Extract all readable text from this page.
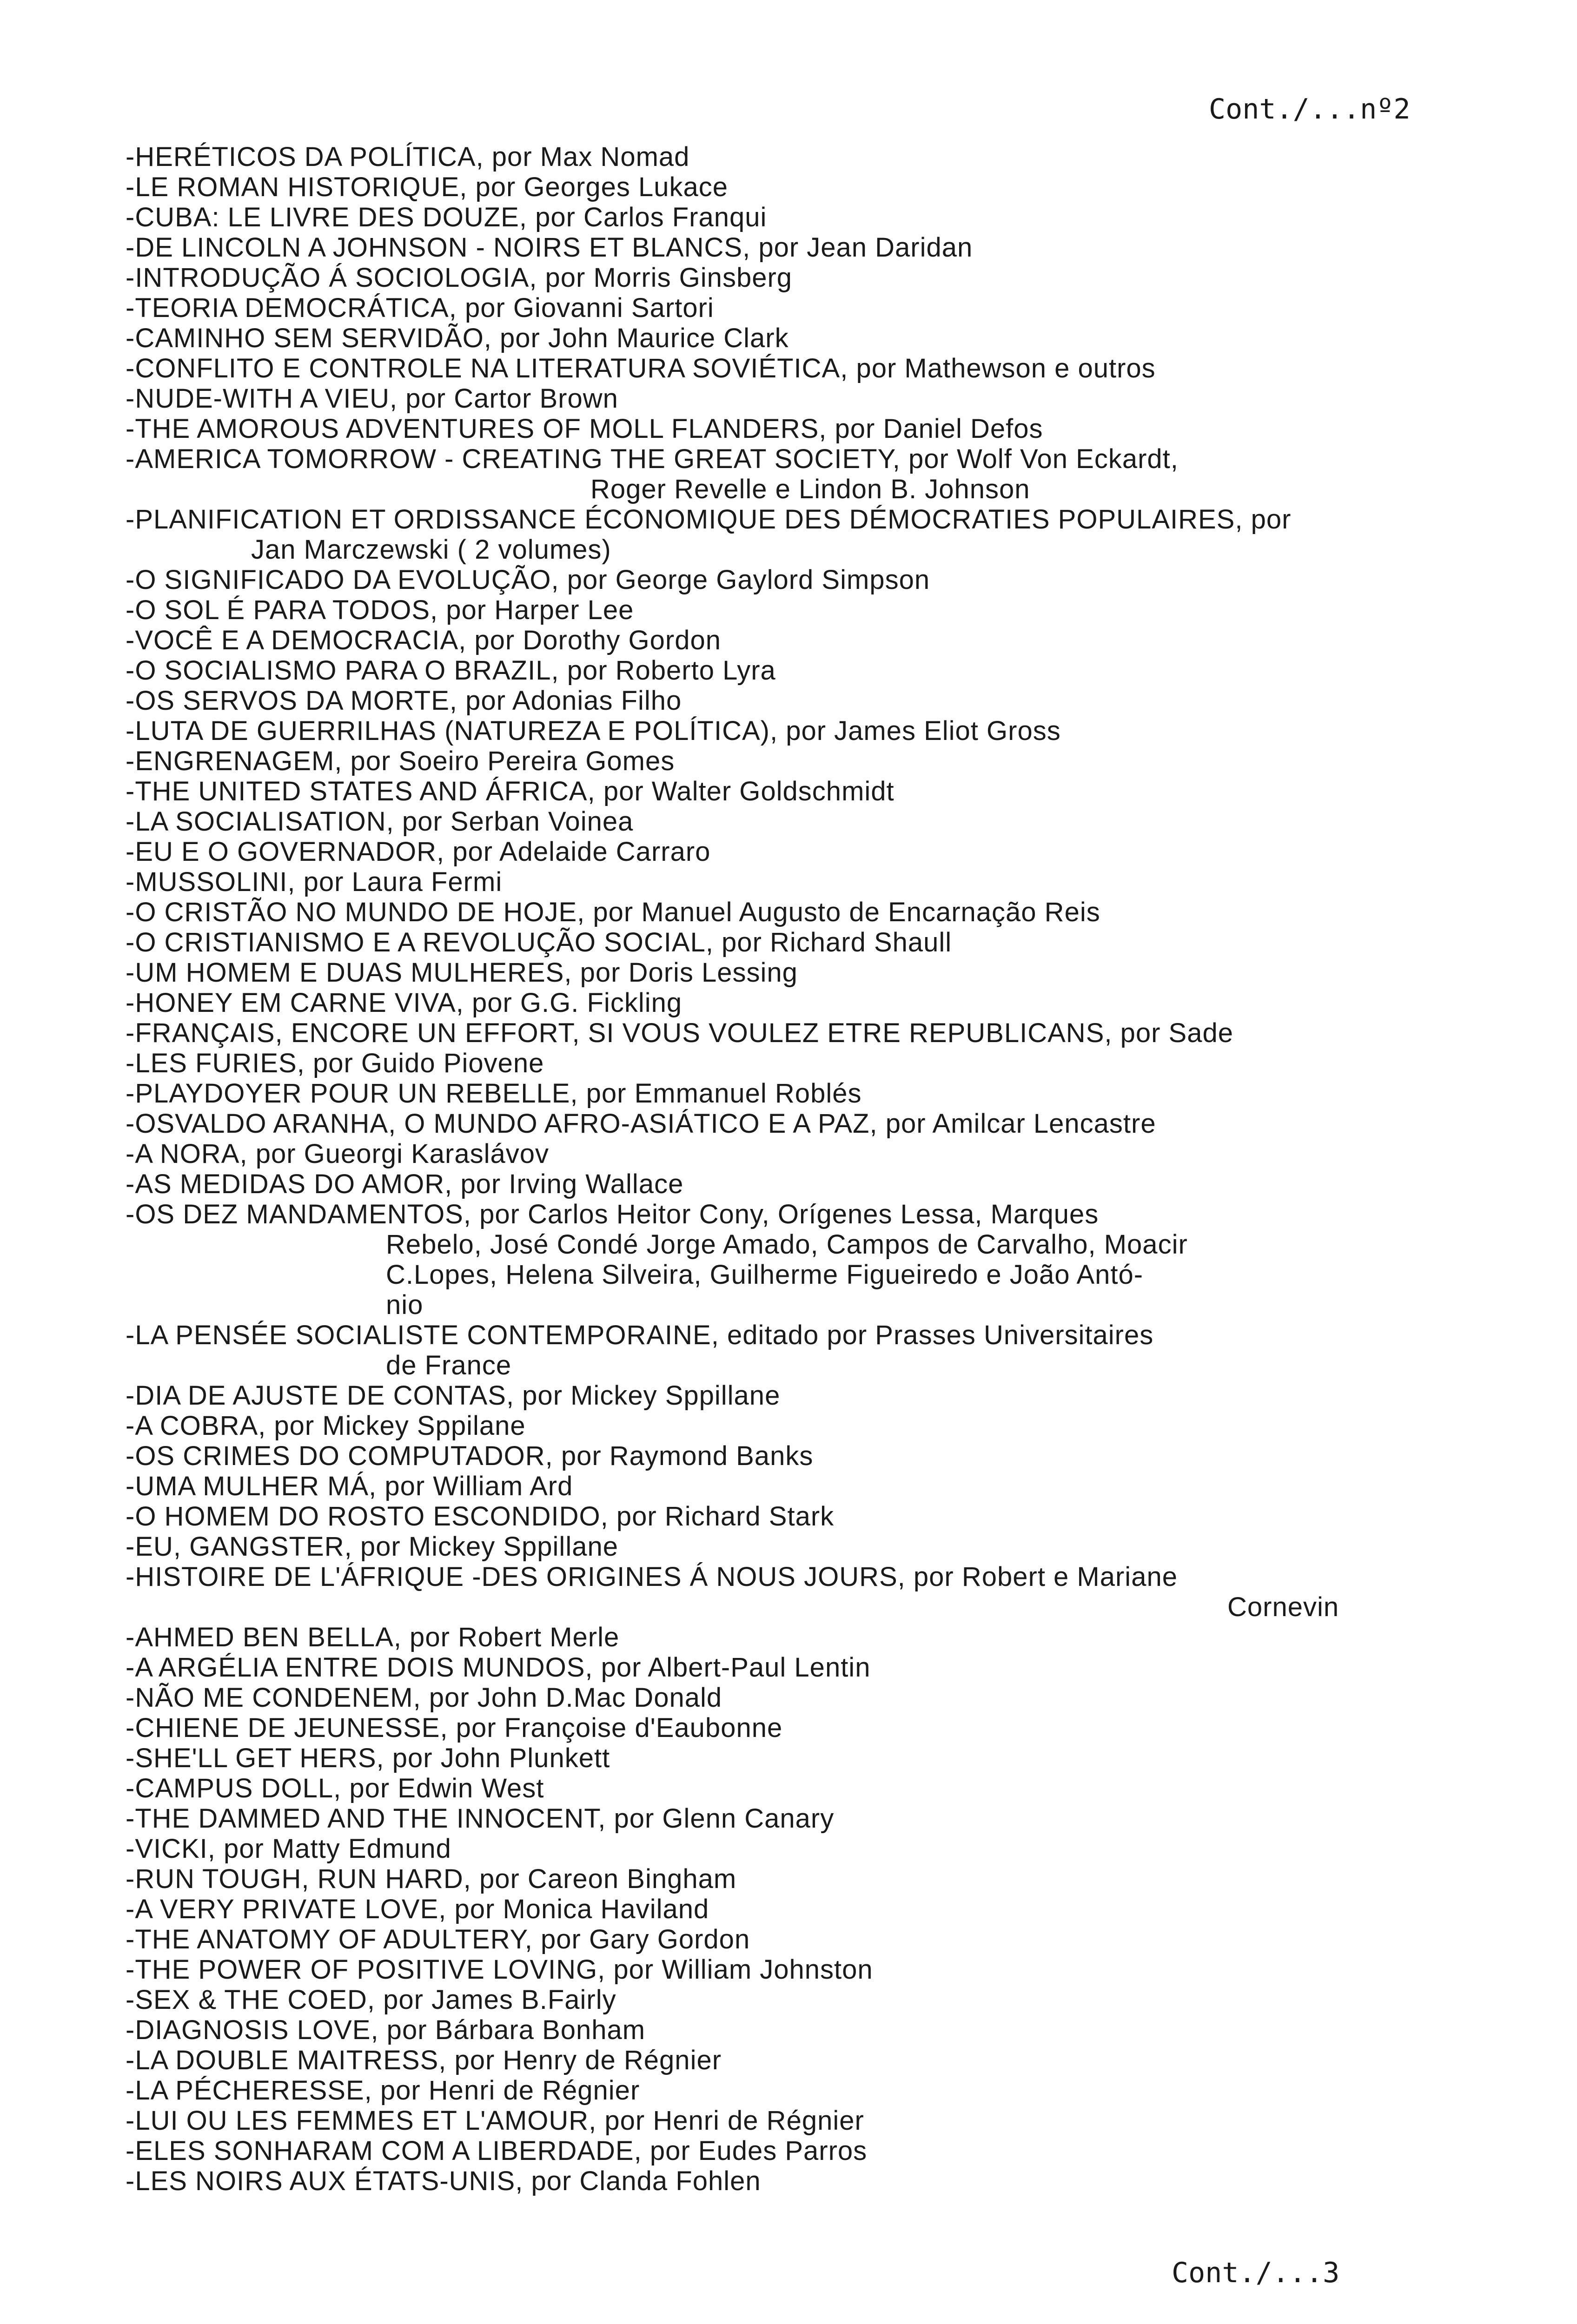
Cont./...nº2
-HERÉTICOS DA POLÍTICA, por Max Nomad
-LE ROMAN HISTORIQUE, por Georges Lukace
-CUBA: LE LIVRE DES DOUZE, por Carlos Franqui
-DE LINCOLN A JOHNSON - NOIRS ET BLANCS, por Jean Daridan
-INTRODUÇÃO Á SOCIOLOGIA, por Morris Ginsberg
-TEORIA DEMOCRÁTICA, por Giovanni Sartori
-CAMINHO SEM SERVIDÃO, por John Maurice Clark
-CONFLITO E CONTROLE NA LITERATURA SOVIÉTICA, por Mathewson e outros
-NUDE-WITH A VIEU, por Cartor Brown
-THE AMOROUS ADVENTURES OF MOLL FLANDERS, por Daniel Defos
-AMERICA TOMORROW - CREATING THE GREAT SOCIETY, por Wolf Von Eckardt,
Roger Revelle e Lindon B. Johnson
-PLANIFICATION ET ORDISSANCE ÉCONOMIQUE DES DÉMOCRATIES POPULAIRES, por
Jan Marczewski ( 2 volumes)
-O SIGNIFICADO DA EVOLUÇÃO, por George Gaylord Simpson
-O SOL É PARA TODOS, por Harper Lee
-VOCÊ E A DEMOCRACIA, por Dorothy Gordon
-O SOCIALISMO PARA O BRAZIL, por Roberto Lyra
-OS SERVOS DA MORTE, por Adonias Filho
-LUTA DE GUERRILHAS (NATUREZA E POLÍTICA), por James Eliot Gross
-ENGRENAGEM, por Soeiro Pereira Gomes
-THE UNITED STATES AND ÁFRICA, por Walter Goldschmidt
-LA SOCIALISATION, por Serban Voinea
-EU E O GOVERNADOR, por Adelaide Carraro
-MUSSOLINI, por Laura Fermi
-O CRISTÃO NO MUNDO DE HOJE, por Manuel Augusto de Encarnação Reis
-O CRISTIANISMO E A REVOLUÇÃO SOCIAL, por Richard Shaull
-UM HOMEM E DUAS MULHERES, por Doris Lessing
-HONEY EM CARNE VIVA, por G.G. Fickling
-FRANÇAIS, ENCORE UN EFFORT, SI VOUS VOULEZ ETRE REPUBLICANS, por Sade
-LES FURIES, por Guido Piovene
-PLAYDOYER POUR UN REBELLE, por Emmanuel Roblés
-OSVALDO ARANHA, O MUNDO AFRO-ASIÁTICO E A PAZ, por Amilcar Lencastre
-A NORA, por Gueorgi Karaslávov
-AS MEDIDAS DO AMOR, por Irving Wallace
-OS DEZ MANDAMENTOS, por Carlos Heitor Cony, Orígenes Lessa, Marques
Rebelo, José Condé Jorge Amado, Campos de Carvalho, Moacir
C.Lopes, Helena Silveira, Guilherme Figueiredo e João Antó-
nio
-LA PENSÉE SOCIALISTE CONTEMPORAINE, editado por Prasses Universitaires
de France
-DIA DE AJUSTE DE CONTAS, por Mickey Sppillane
-A COBRA, por Mickey Sppilane
-OS CRIMES DO COMPUTADOR, por Raymond Banks
-UMA MULHER MÁ, por William Ard
-O HOMEM DO ROSTO ESCONDIDO, por Richard Stark
-EU, GANGSTER, por Mickey Sppillane
-HISTOIRE DE L'ÁFRIQUE -DES ORIGINES Á NOUS JOURS, por Robert e Mariane
Cornevin
-AHMED BEN BELLA, por Robert Merle
-A ARGÉLIA ENTRE DOIS MUNDOS, por Albert-Paul Lentin
-NÃO ME CONDENEM, por John D.Mac Donald
-CHIENE DE JEUNESSE, por Françoise d'Eaubonne
-SHE'LL GET HERS, por John Plunkett
-CAMPUS DOLL, por Edwin West
-THE DAMMED AND THE INNOCENT, por Glenn Canary
-VICKI, por Matty Edmund
-RUN TOUGH, RUN HARD, por Careon Bingham
-A VERY PRIVATE LOVE, por Monica Haviland
-THE ANATOMY OF ADULTERY, por Gary Gordon
-THE POWER OF POSITIVE LOVING, por William Johnston
-SEX & THE COED, por James B.Fairly
-DIAGNOSIS LOVE, por Bárbara Bonham
-LA DOUBLE MAITRESS, por Henry de Régnier
-LA PÉCHERESSE, por Henri de Régnier
-LUI OU LES FEMMES ET L'AMOUR, por Henri de Régnier
-ELES SONHARAM COM A LIBERDADE, por Eudes Parros
-LES NOIRS AUX ÉTATS-UNIS, por Clanda Fohlen
Cont./...3
